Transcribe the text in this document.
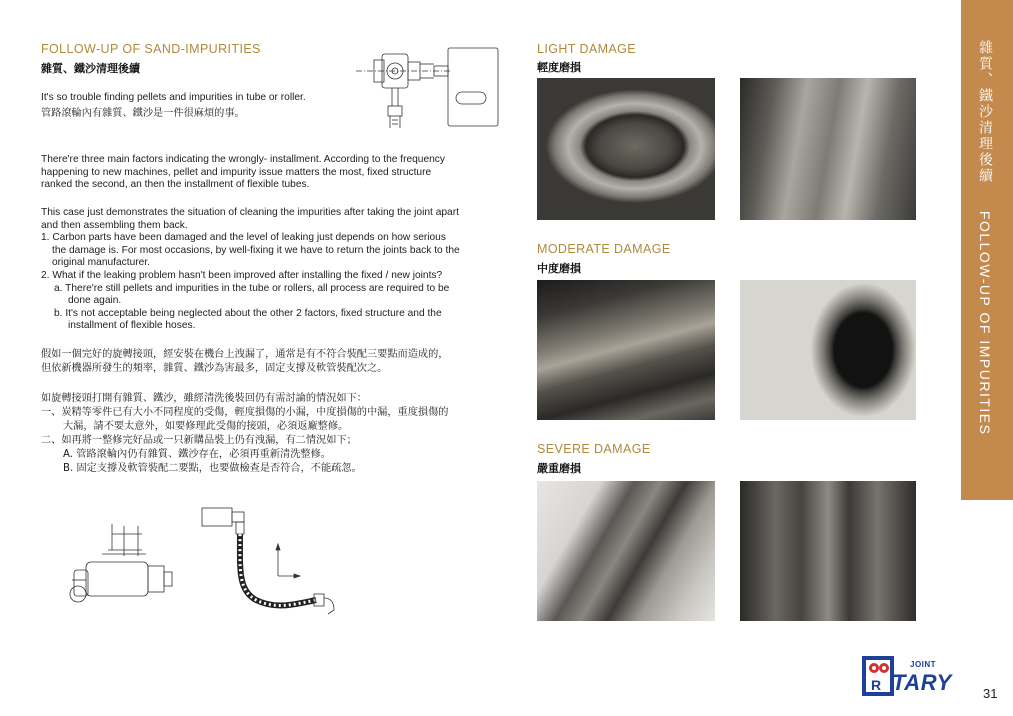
FOLLOW-UP OF SAND-IMPURITIES
雜質、鐵沙清理後續
It's so trouble finding pellets and impurities in tube or roller.
管路滾輪內有雜質、鐵沙是一件很麻煩的事。
There're three main factors indicating the wrongly- installment. According to the frequency
happening to new machines, pellet and impurity issue matters the most, fixed structure
ranked the second, an then the installment of flexible tubes.
This case just demonstrates the situation of cleaning the impurities after taking the joint apart
and then assembling them back.
1. Carbon parts have been damaged and the level of leaking just depends on how serious
the damage is. For most occasions, by well-fixing it we have to return the joints back to the
original manufacturer.
2. What if the leaking problem hasn't been improved after installing the fixed / new joints?
a. There're still pellets and impurities in the tube or rollers, all process are required to be
done again.
b. It's not acceptable being neglected about the other 2 factors, fixed structure and the
installment of flexible hoses.
假如一個完好的旋轉接頭，經安裝在機台上洩漏了，通常是有不符合裝配三要點而造成的，
但依新機器所發生的頻率，雜質、鐵沙為害最多，固定支撐及軟管裝配次之。
如旋轉接頭打開有雜質、鐵沙，雖經清洗後裝回仍有需討論的情況如下：
一、炭精等零件已有大小不同程度的受傷，輕度損傷的小漏，中度損傷的中漏，重度損傷的
大漏，請不要太意外，如要修理此受傷的接頭，必須返廠整修。
二、如再將一整修完好品或一只新購品裝上仍有洩漏，有二情況如下；
A. 管路滾輪內仍有雜質、鐵沙存在，必須再重新清洗整修。
B. 固定支撐及軟管裝配二要點，也要做檢查是否符合，不能疏忽。
LIGHT DAMAGE
輕度磨損
MODERATE DAMAGE
中度磨損
SEVERE DAMAGE
嚴重磨損
雜質、鐵沙清理後續  FOLLOW-UP OF IMPURITIES
R
JOINT
TARY 31
